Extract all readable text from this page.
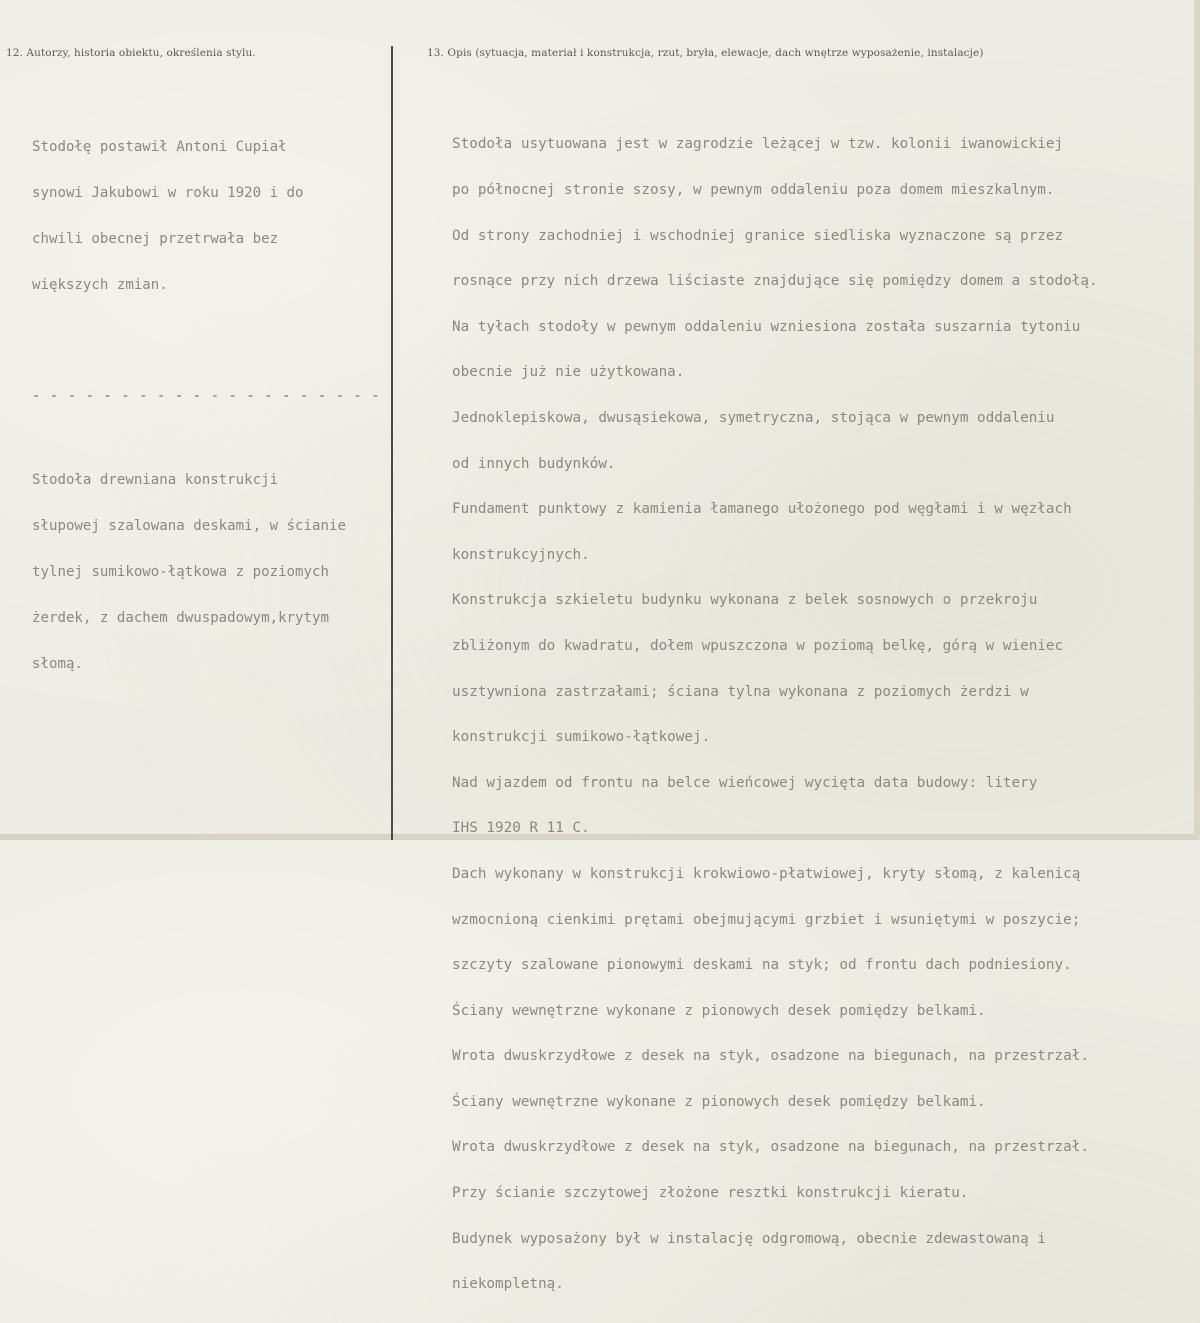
12. Autorzy, historia obiektu, określenia stylu.	13. Opis (sytuacja, materiał i konstrukcja, rzut, bryła, elewacje, dach wnętrze wyposażenie, instalacje)

Stodołę postawił Antoni Cupiał

synowi Jakubowi w roku 1920 i do

chwili obecnej przetrwała bez

większych zmian.

- - - - - - - - - - - - - - - - - - - -

Stodoła drewniana konstrukcji

słupowej szalowana deskami, w ścianie

tylnej sumikowo-łątkowa z poziomych

żerdek, z dachem dwuspadowym,krytym

słomą.

Stodoła usytuowana jest w zagrodzie leżącej w tzw. kolonii iwanowickiej

po północnej stronie szosy, w pewnym oddaleniu poza domem mieszkalnym.

Od strony zachodniej i wschodniej granice siedliska wyznaczone są przez

rosnące przy nich drzewa liściaste znajdujące się pomiędzy domem a stodołą.

Na tyłach stodoły w pewnym oddaleniu wzniesiona została suszarnia tytoniu

obecnie już nie użytkowana.

Jednoklepiskowa, dwusąsiekowa, symetryczna, stojąca w pewnym oddaleniu

od innych budynków.

Fundament punktowy z kamienia łamanego ułożonego pod węgłami i w węzłach

konstrukcyjnych.

Konstrukcja szkieletu budynku wykonana z belek sosnowych o przekroju

zbliżonym do kwadratu, dołem wpuszczona w poziomą belkę, górą w wieniec

usztywniona zastrzałami; ściana tylna wykonana z poziomych żerdzi w

konstrukcji sumikowo-łątkowej.

Nad wjazdem od frontu na belce wieńcowej wycięta data budowy: litery

IHS 1920 R 11 C.

Dach wykonany w konstrukcji krokwiowo-płatwiowej, kryty słomą, z kalenicą

wzmocnioną cienkimi prętami obejmującymi grzbiet i wsuniętymi w poszycie;

szczyty szalowane pionowymi deskami na styk; od frontu dach podniesiony.

Ściany wewnętrzne wykonane z pionowych desek pomiędzy belkami.

Wrota dwuskrzydłowe z desek na styk, osadzone na biegunach, na przestrzał.

Ściany wewnętrzne wykonane z pionowych desek pomiędzy belkami.

Wrota dwuskrzydłowe z desek na styk, osadzone na biegunach, na przestrzał.

Przy ścianie szczytowej złożone resztki konstrukcji kieratu.

Budynek wyposażony był w instalację odgromową, obecnie zdewastowaną i

niekompletną.
